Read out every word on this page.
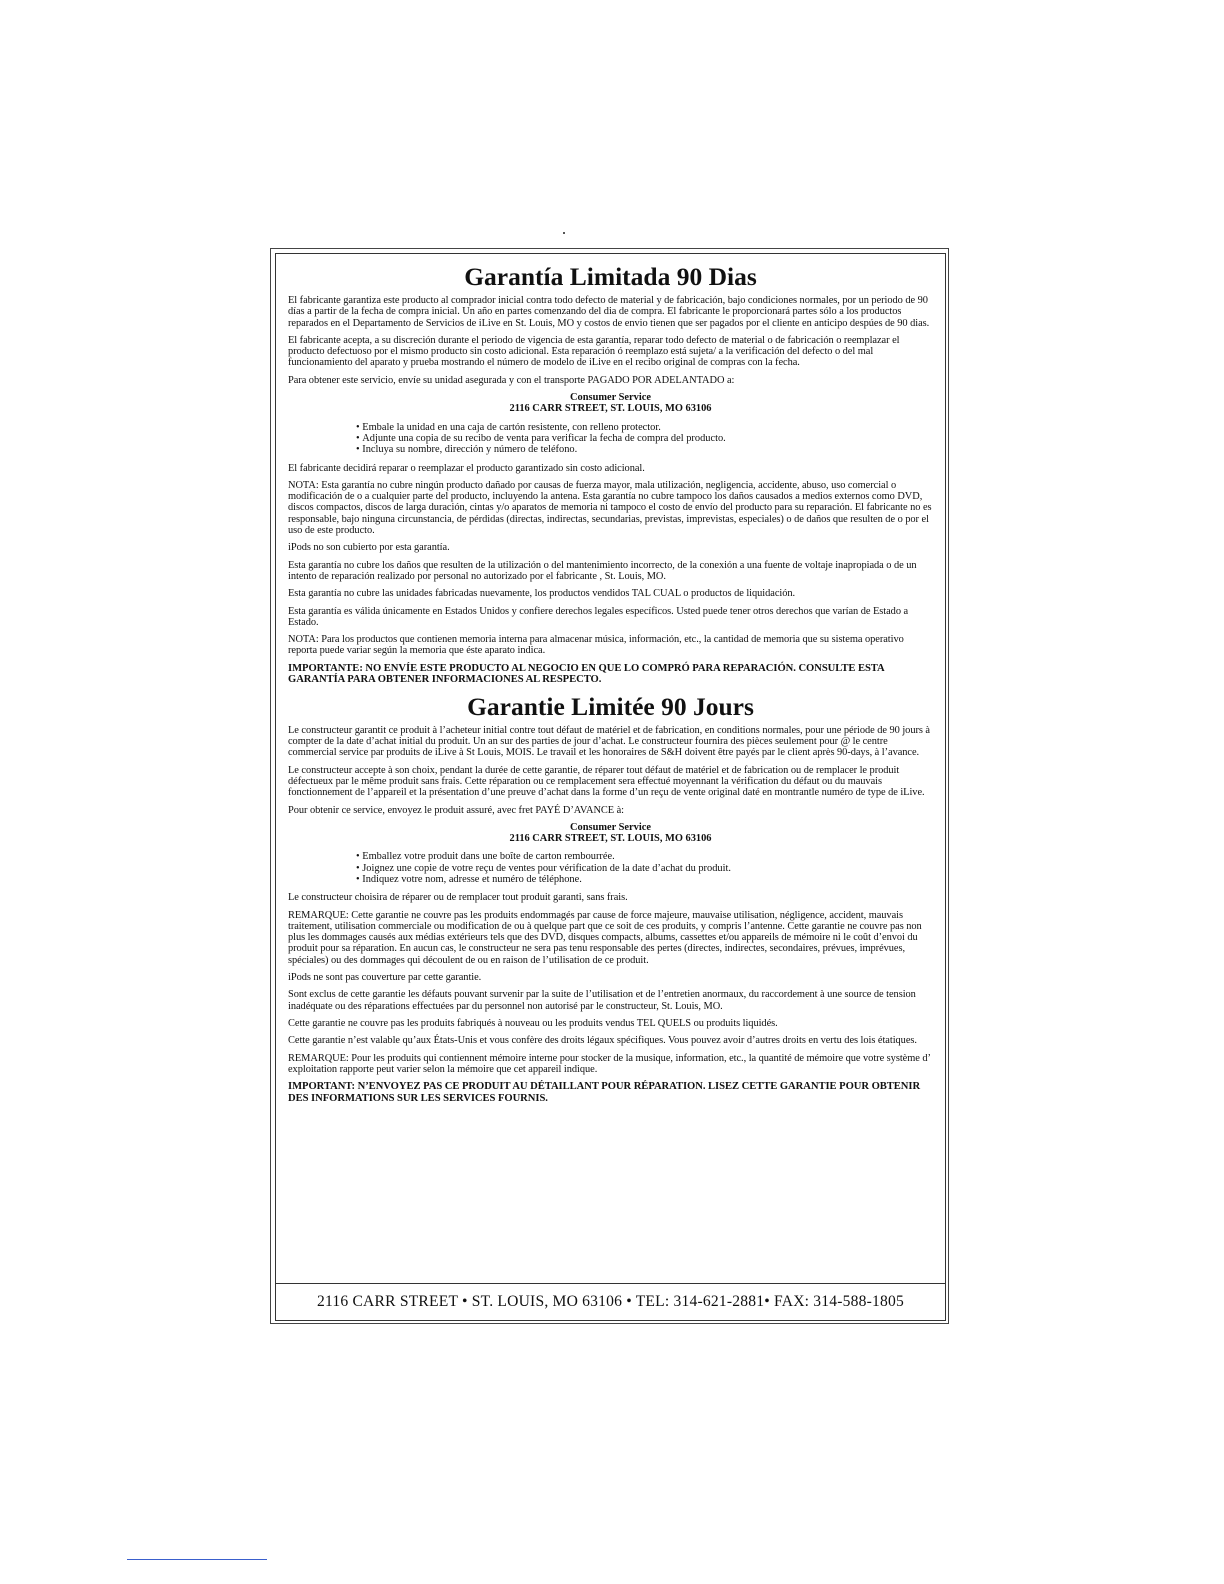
Garantía Limitada 90 Dias

El fabricante garantiza este producto al comprador inicial contra todo defecto de material y de fabricación, bajo condiciones normales, por un periodo de 90 días a partir de la fecha de compra inicial. Un año en partes comenzando del dia de compra. El fabricante le proporcionará partes sólo a los productos reparados en el Departamento de Servicios de iLive en St. Louis, MO y costos de envio tienen que ser pagados por el cliente en anticipo despúes de 90 dias.

El fabricante acepta, a su discreción durante el periodo de vigencia de esta garantía, reparar todo defecto de material o de fabricación o reemplazar el producto defectuoso por el mismo producto sin costo adicional. Esta reparación ó reemplazo está sujeta/ a la verificación del defecto o del mal funcionamiento del aparato y prueba mostrando el número de modelo de iLive en el recibo original de compras con la fecha.

Para obtener este servicio, envíe su unidad asegurada y con el transporte PAGADO POR ADELANTADO a:

Consumer Service
2116 CARR STREET, ST. LOUIS, MO 63106
• Embale la unidad en una caja de cartón resistente, con relleno protector.
• Adjunte una copia de su recibo de venta para verificar la fecha de compra del producto.
• Incluya su nombre, dirección y número de teléfono.

El fabricante decidirá reparar o reemplazar el producto garantizado sin costo adicional.

NOTA: Esta garantía no cubre ningún producto dañado por causas de fuerza mayor, mala utilización, negligencia, accidente, abuso, uso comercial o modificación de o a cualquier parte del producto, incluyendo la antena. Esta garantía no cubre tampoco los daños causados a medios externos como DVD, discos compactos, discos de larga duración, cintas y/o aparatos de memoria ni tampoco el costo de envío del producto para su reparación. El fabricante no es responsable, bajo ninguna circunstancia, de pérdidas (directas, indirectas, secundarias, previstas, imprevistas, especiales) o de daños que resulten de o por el uso de este producto.

iPods no son cubierto por esta garantía.

Esta garantía no cubre los daños que resulten de la utilización o del mantenimiento incorrecto, de la conexión a una fuente de voltaje inapropiada o de un intento de reparación realizado por personal no autorizado por el fabricante , St. Louis, MO.

Esta garantía no cubre las unidades fabricadas nuevamente, los productos vendidos TAL CUAL o productos de liquidación.

Esta garantía es válida únicamente en Estados Unidos y confiere derechos legales específicos. Usted puede tener otros derechos que varían de Estado a Estado.

NOTA: Para los productos que contienen memoria interna para almacenar música, información, etc., la cantidad de memoria que su sistema operativo reporta puede variar según la memoria que éste aparato indica.

IMPORTANTE: NO ENVÍE ESTE PRODUCTO AL NEGOCIO EN QUE LO COMPRÓ PARA REPARACIÓN. CONSULTE ESTA GARANTÍA PARA OBTENER INFORMACIONES AL RESPECTO.

Garantie Limitée 90 Jours

Le constructeur garantit ce produit à l’acheteur initial contre tout défaut de matériel et de fabrication, en conditions normales, pour une période de 90 jours à compter de la date d’achat initial du produit. Un an sur des parties de jour d’achat. Le constructeur fournira des pièces seulement pour @ le centre commercial service par produits de iLive à St Louis, MOIS. Le travail et les honoraires de S&H doivent être payés par le client après 90-days, à l’avance.

Le constructeur accepte à son choix, pendant la durée de cette garantie, de réparer tout défaut de matériel et de fabrication ou de remplacer le produit défectueux par le même produit sans frais. Cette réparation ou ce remplacement sera effectué moyennant la vérification du défaut ou du mauvais fonctionnement de l’appareil et la présentation d’une preuve d’achat dans la forme d’un reçu de vente original daté en montrantle numéro de type de iLive.

Pour obtenir ce service, envoyez le produit assuré, avec fret PAYÉ D’AVANCE à:

Consumer Service
2116 CARR STREET, ST. LOUIS, MO 63106
• Emballez votre produit dans une boîte de carton rembourrée.
• Joignez une copie de votre reçu de ventes pour vérification de la date d’achat du produit.
• Indiquez votre nom, adresse et numéro de téléphone.

Le constructeur choisira de réparer ou de remplacer tout produit garanti, sans frais.

REMARQUE: Cette garantie ne couvre pas les produits endommagés par cause de force majeure, mauvaise utilisation, négligence, accident, mauvais traitement, utilisation commerciale ou modification de ou à quelque part que ce soit de ces produits, y compris l’antenne. Cette garantie ne couvre pas non plus les dommages causés aux médias extérieurs tels que des DVD, disques compacts, albums, cassettes et/ou appareils de mémoire ni le coût d’envoi du produit pour sa réparation. En aucun cas, le constructeur ne sera pas tenu responsable des pertes (directes, indirectes, secondaires, prévues, imprévues, spéciales) ou des dommages qui découlent de ou en raison de l’utilisation de ce produit.

iPods ne sont pas couverture par cette garantie.

Sont exclus de cette garantie les défauts pouvant survenir par la suite de l’utilisation et de l’entretien anormaux, du raccordement à une source de tension inadéquate ou des réparations effectuées par du personnel non autorisé par le constructeur, St. Louis, MO.

Cette garantie ne couvre pas les produits fabriqués à nouveau ou les produits vendus TEL QUELS ou produits liquidés.

Cette garantie n’est valable qu’aux États-Unis et vous confère des droits légaux spécifiques. Vous pouvez avoir d’autres droits en vertu des lois étatiques.

REMARQUE: Pour les produits qui contiennent mémoire interne pour stocker de la musique, information, etc., la quantité de mémoire que votre système d’ exploitation rapporte peut varier selon la mémoire que cet appareil indique.

IMPORTANT: N’ENVOYEZ PAS CE PRODUIT AU DÉTAILLANT POUR RÉPARATION. LISEZ CETTE GARANTIE POUR OBTENIR DES INFORMATIONS SUR LES SERVICES FOURNIS.

2116 CARR STREET • ST. LOUIS, MO 63106 • TEL: 314-621-2881• FAX: 314-588-1805
